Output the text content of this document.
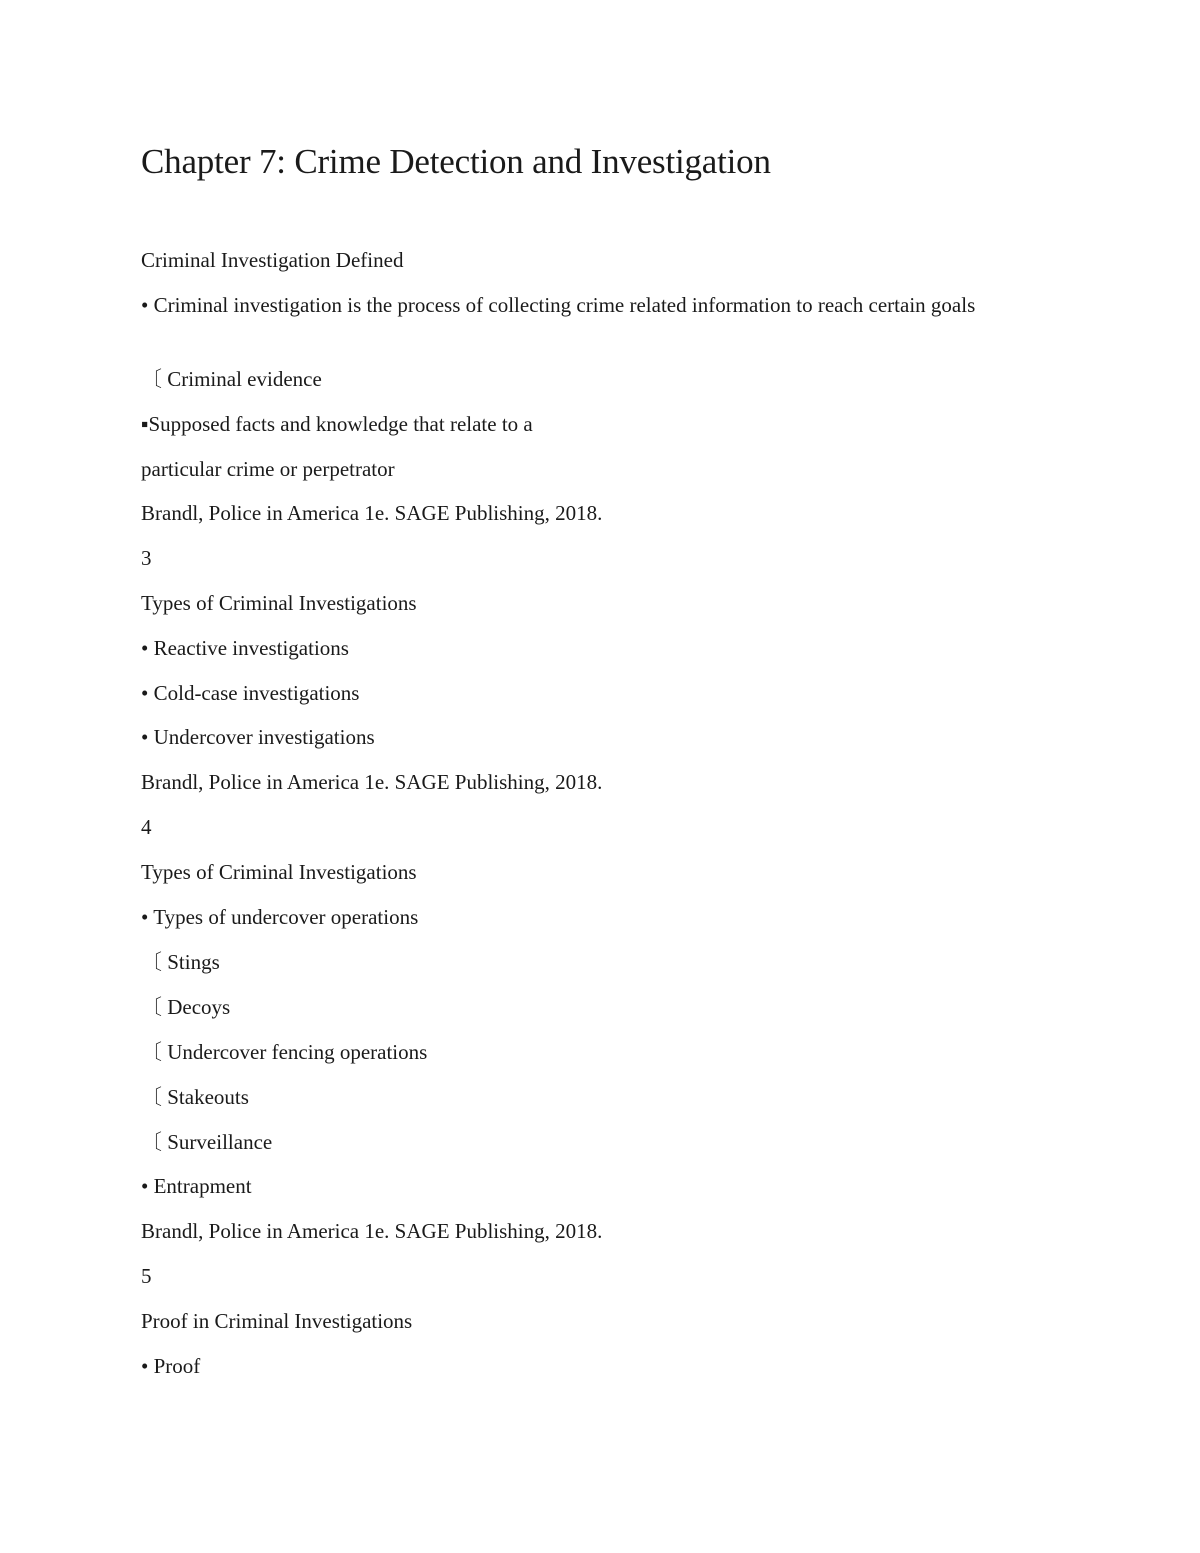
Chapter 7: Crime Detection and Investigation

Criminal Investigation Defined

• Criminal investigation is the process of collecting crime related information to reach certain goals

〔 Criminal evidence

▪Supposed facts and knowledge that relate to a

particular crime or perpetrator

Brandl, Police in America 1e. SAGE Publishing, 2018.

3

Types of Criminal Investigations

• Reactive investigations

• Cold-case investigations

• Undercover investigations

Brandl, Police in America 1e. SAGE Publishing, 2018.

4

Types of Criminal Investigations

• Types of undercover operations

〔 Stings

〔 Decoys

〔 Undercover fencing operations

〔 Stakeouts

〔 Surveillance

• Entrapment

Brandl, Police in America 1e. SAGE Publishing, 2018.

5

Proof in Criminal Investigations

• Proof
